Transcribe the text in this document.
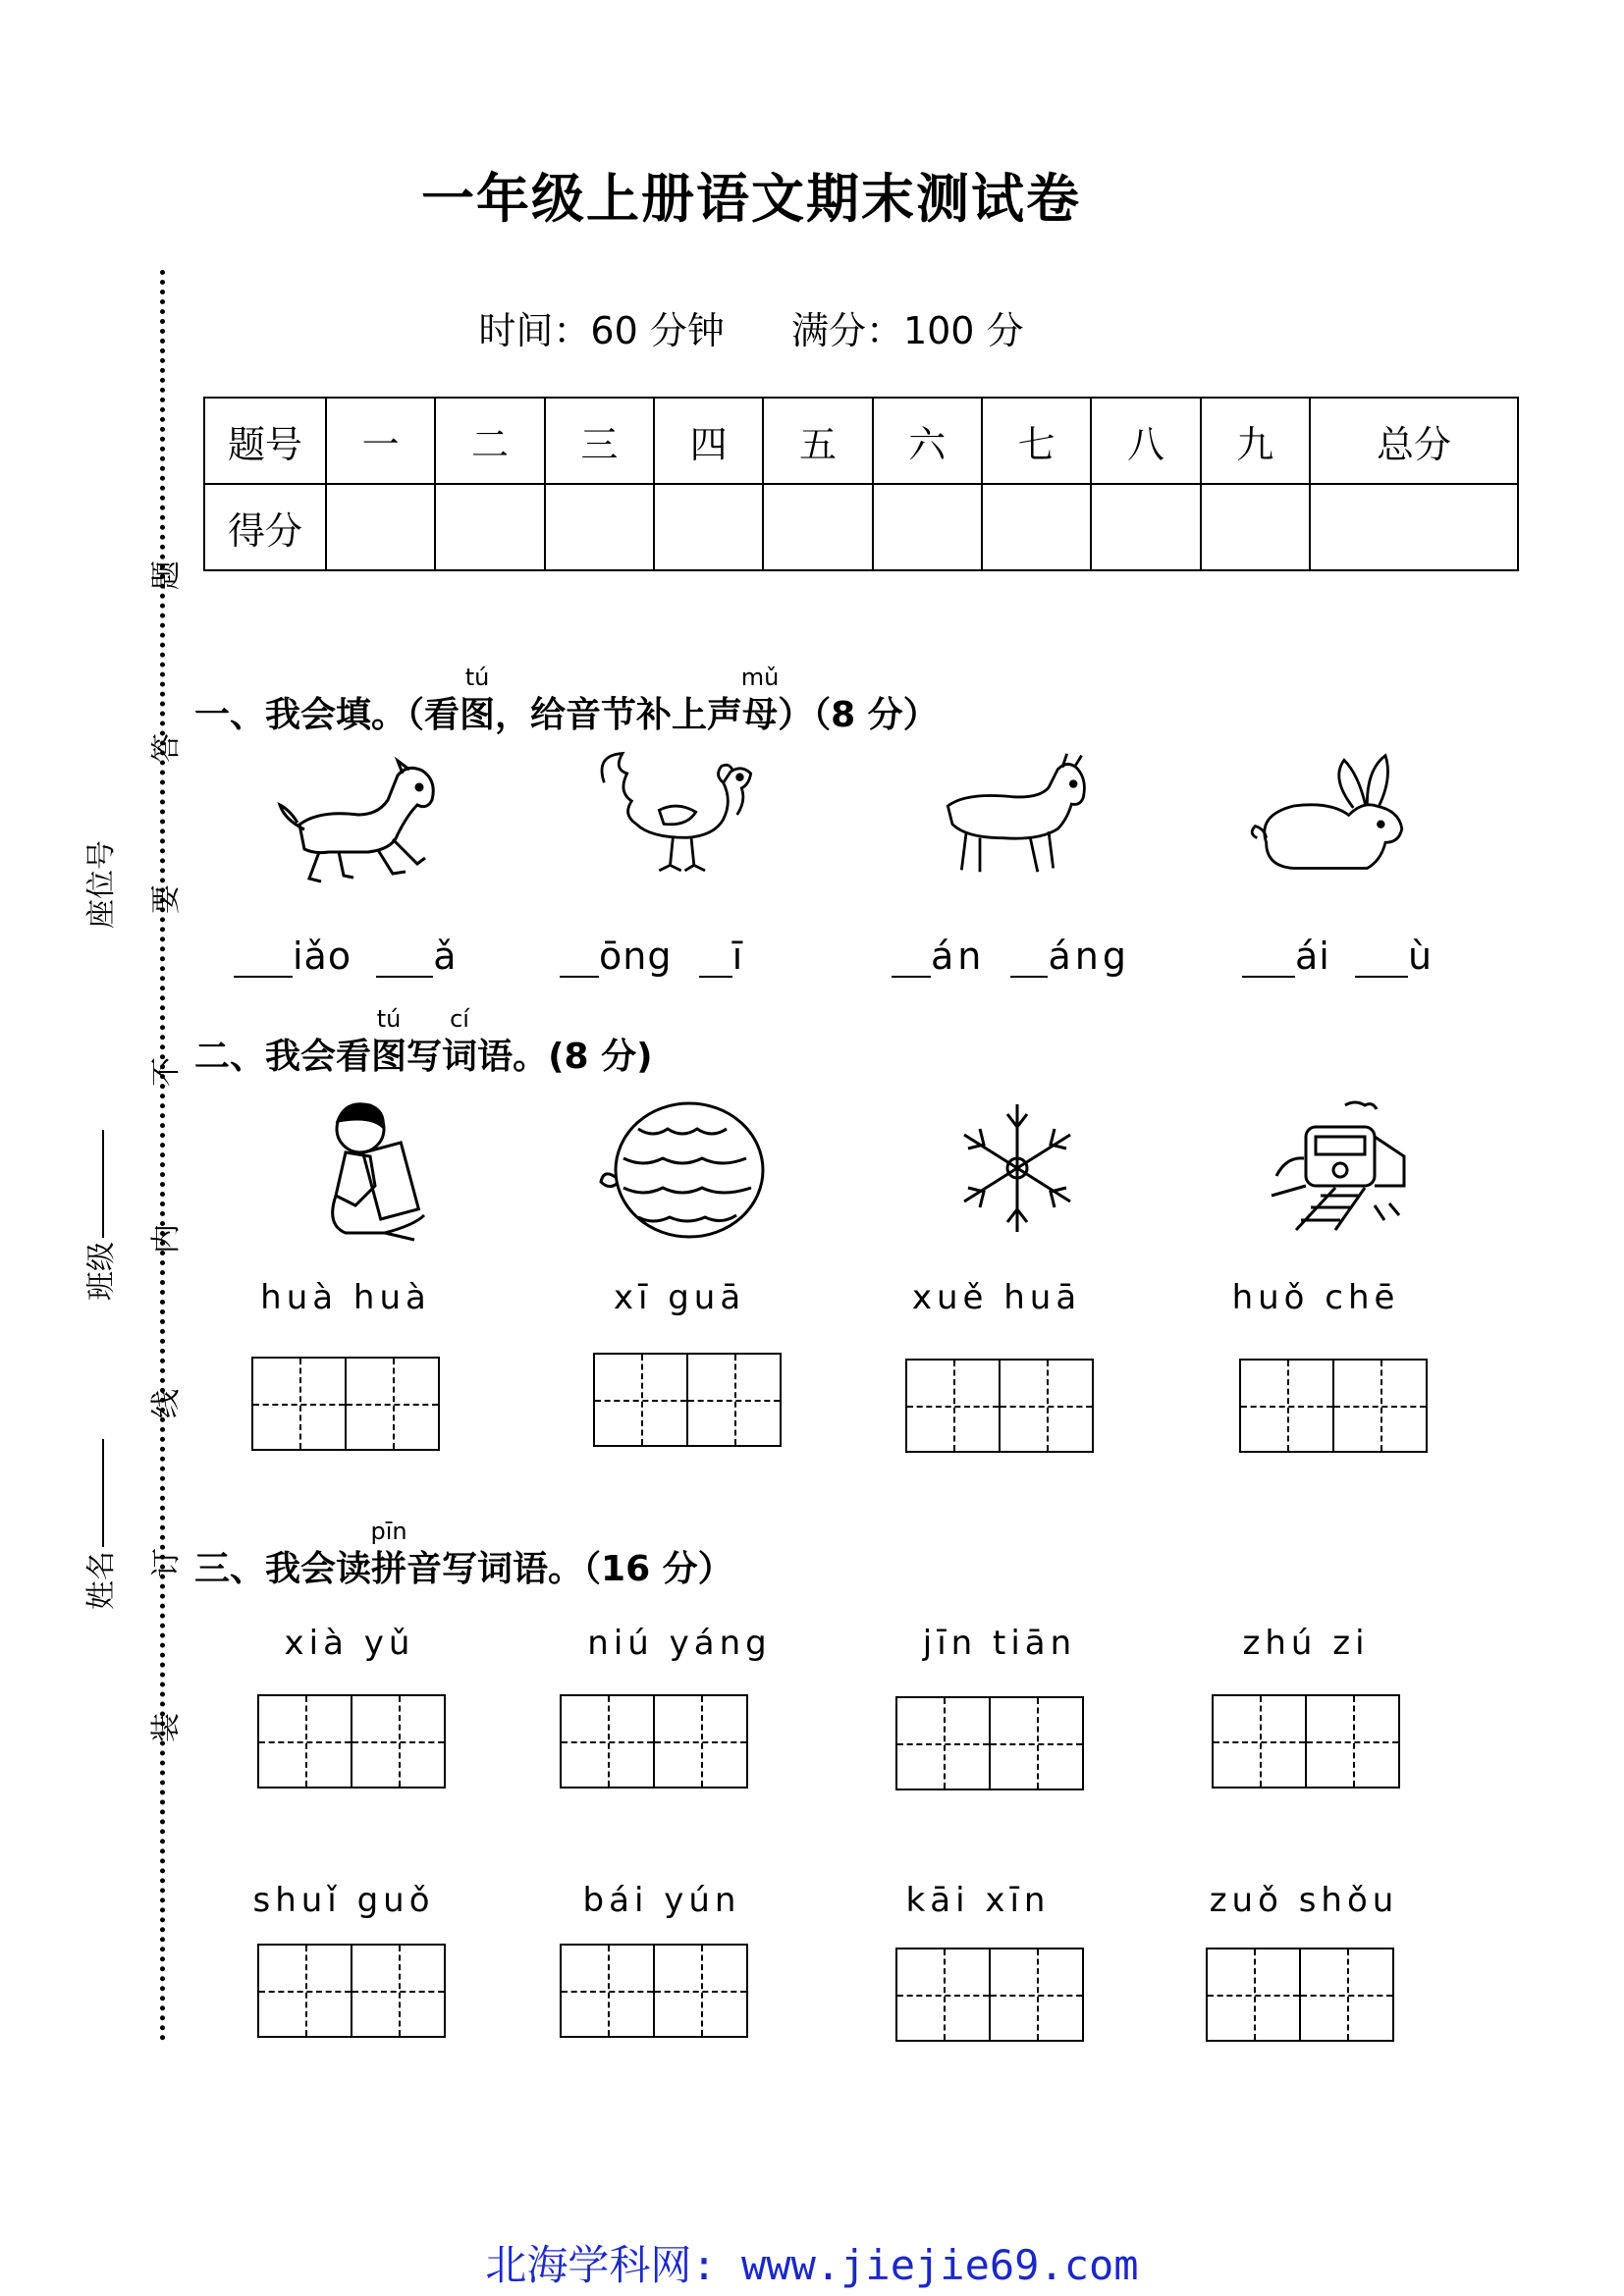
一年级上册语文期末测试卷
时间：60 分钟 满分：100 分
题号	一	二	三	四	五	六	七	八	九	总分
得分										
题
答
要
不
内
线
订
装
座位号
班级
姓名
一、我会填。（看
tú
图，给音节补上声
mǔ
母）（8 分）
iǎo ǎ	ōng ī	án áng	ái ù
二、我会看
tú
图写
cí
词语。(8 分)
huà huà	xī guā	xuě huā	huǒ chē
三、我会读
pīn
拼音写词语。（16 分）
xià yǔ	niú yáng	jīn tiān	zhú zi
shuǐ guǒ	bái yún	kāi xīn	zuǒ shǒu
北海学科网: www.jiejie69.com
